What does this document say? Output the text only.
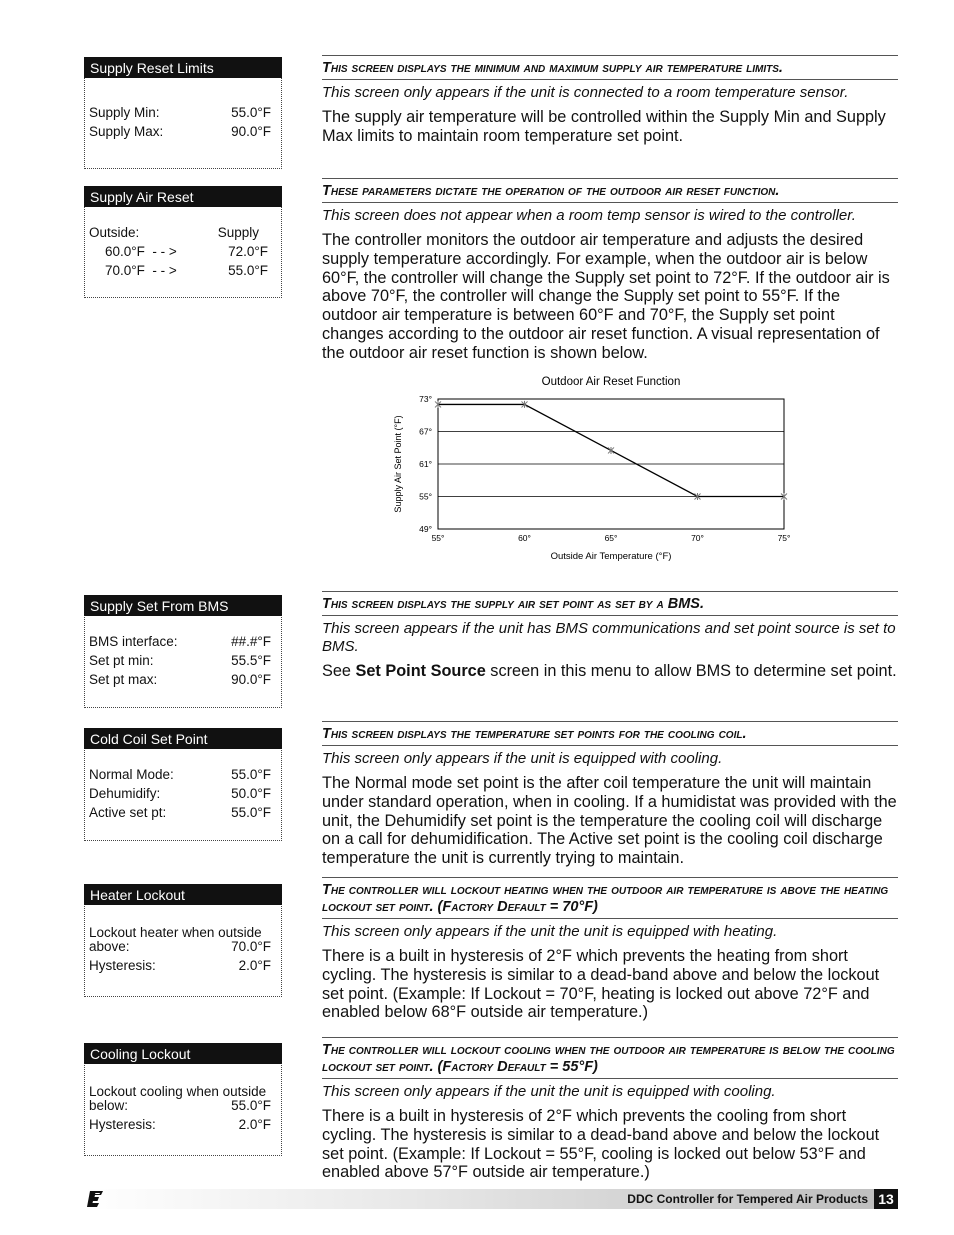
Supply Reset Limits
Supply Min:	55.0°F
Supply Max:	90.0°F
Supply Air Reset
Outside:	Supply
60.0°F  - - >	72.0°F
70.0°F  - - >	55.0°F
Supply Set From BMS
BMS interface:	##.#°F
Set pt min:	55.5°F
Set pt max:	90.0°F
Cold Coil Set Point
Normal Mode:	55.0°F
Dehumidify:	50.0°F
Active set pt:	55.0°F
Heater Lockout
Lockout heater when outside
above:	70.0°F
Hysteresis:	2.0°F
Cooling Lockout
Lockout cooling when outside
below:	55.0°F
Hysteresis:	2.0°F
This screen displays the minimum and maximum supply air temperature limits.
This screen only appears if the unit is connected to a room temperature sensor.
The supply air temperature will be controlled within the Supply Min and Supply Max limits to maintain room temperature set point.
These parameters dictate the operation of the outdoor air reset function.
This screen does not appear when a room temp sensor is wired to the controller.
The controller monitors the outdoor air temperature and adjusts the desired supply temperature accordingly. For example, when the outdoor air is below 60°F, the controller will change the Supply set point to 72°F. If the outdoor air is above 70°F, the controller will change the Supply set point to 55°F. If the outdoor air temperature is between 60°F and 70°F, the Supply set point changes according to the outdoor air reset function. A visual representation of the outdoor air reset function is shown below.
Outdoor Air Reset Function
49°
55°
61°
67°
73°
55°	60°	65°	70°	75°
Outside Air Temperature (°F)
Supply Air Set Point (°F)
This screen displays the supply air set point as set by a BMS.
This screen appears if the unit has BMS communications and set point source is set to BMS.
See Set Point Source screen in this menu to allow BMS to determine set point.
This screen displays the temperature set points for the cooling coil.
This screen only appears if the unit is equipped with cooling.
The Normal mode set point is the after coil temperature the unit will maintain under standard operation, when in cooling. If a humidistat was provided with the unit, the Dehumidify set point is the temperature the cooling coil will discharge on a call for dehumidification. The Active set point is the cooling coil discharge temperature the unit is currently trying to maintain.
The controller will lockout heating when the outdoor air temperature is above the heating lockout set point. (Factory Default = 70°F)
This screen only appears if the unit the unit is equipped with heating.
There is a built in hysteresis of 2°F which prevents the heating from short cycling. The hysteresis is similar to a dead-band above and below the lockout set point. (Example: If Lockout = 70°F, heating is locked out above 72°F and enabled below 68°F outside air temperature.)
The controller will lockout cooling when the outdoor air temperature is below the cooling lockout set point. (Factory Default = 55°F)
This screen only appears if the unit the unit is equipped with cooling.
There is a built in hysteresis of 2°F which prevents the cooling from short cycling. The hysteresis is similar to a dead-band above and below the lockout set point. (Example: If Lockout = 55°F, cooling is locked out below 53°F and enabled above 57°F outside air temperature.)
DDC Controller for Tempered Air Products 13
